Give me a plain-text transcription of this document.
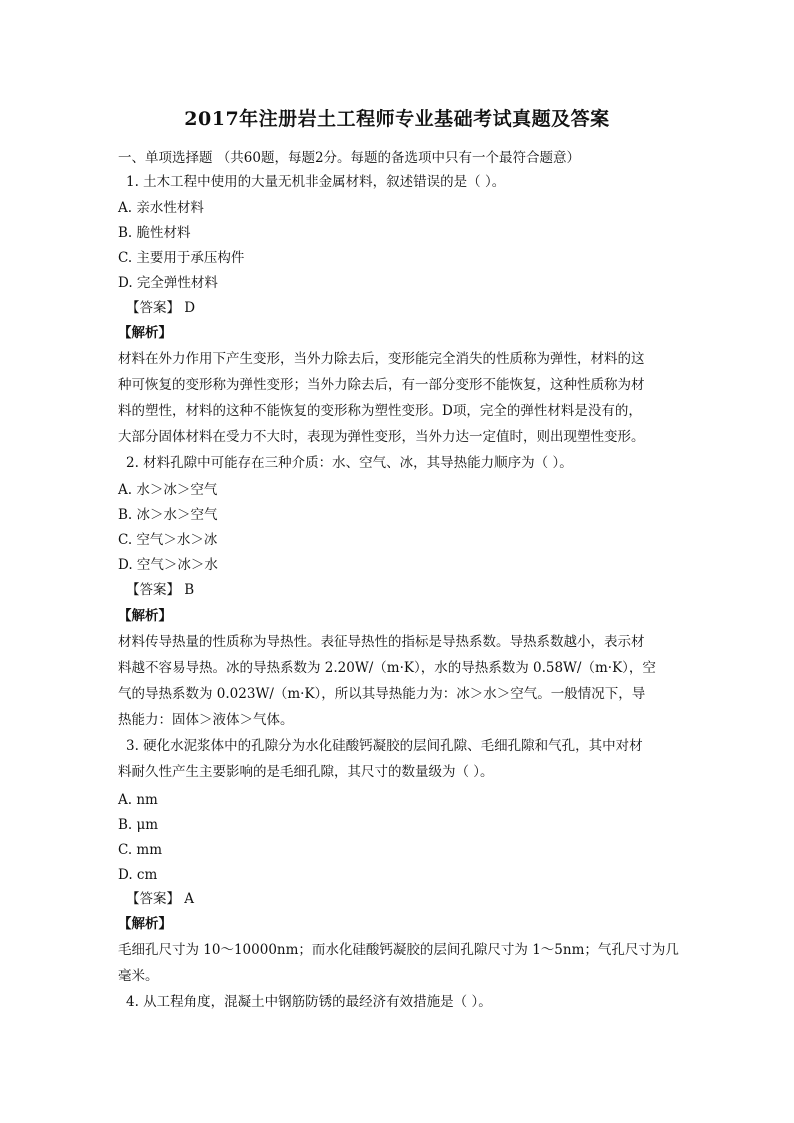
2017年注册岩土工程师专业基础考试真题及答案
一、单项选择题 （共60题，每题2分。每题的备选项中只有一个最符合题意）
1. 土木工程中使用的大量无机非金属材料，叙述错误的是（ ）。
A. 亲水性材料
B. 脆性材料
C. 主要用于承压构件
D. 完全弹性材料
【答案】 D
【解析】
材料在外力作用下产生变形，当外力除去后，变形能完全消失的性质称为弹性，材料的这
种可恢复的变形称为弹性变形；当外力除去后，有一部分变形不能恢复，这种性质称为材
料的塑性，材料的这种不能恢复的变形称为塑性变形。D项，完全的弹性材料是没有的，
大部分固体材料在受力不大时，表现为弹性变形，当外力达一定值时，则出现塑性变形。
2. 材料孔隙中可能存在三种介质：水、空气、冰，其导热能力顺序为（ ）。
A. 水＞冰＞空气
B. 冰＞水＞空气
C. 空气＞水＞冰
D. 空气＞冰＞水
【答案】 B
【解析】
材料传导热量的性质称为导热性。表征导热性的指标是导热系数。导热系数越小，表示材
料越不容易导热。冰的导热系数为 2.20W/（m·K），水的导热系数为 0.58W/（m·K），空
气的导热系数为 0.023W/（m·K），所以其导热能力为：冰＞水＞空气。一般情况下，导
热能力：固体＞液体＞气体。
3. 硬化水泥浆体中的孔隙分为水化硅酸钙凝胶的层间孔隙、毛细孔隙和气孔，其中对材
料耐久性产生主要影响的是毛细孔隙，其尺寸的数量级为（ ）。
A. nm
B. μm
C. mm
D. cm
【答案】 A
【解析】
毛细孔尺寸为 10～10000nm；而水化硅酸钙凝胶的层间孔隙尺寸为 1～5nm；气孔尺寸为几
毫米。
4. 从工程角度，混凝土中钢筋防锈的最经济有效措施是（ ）。
